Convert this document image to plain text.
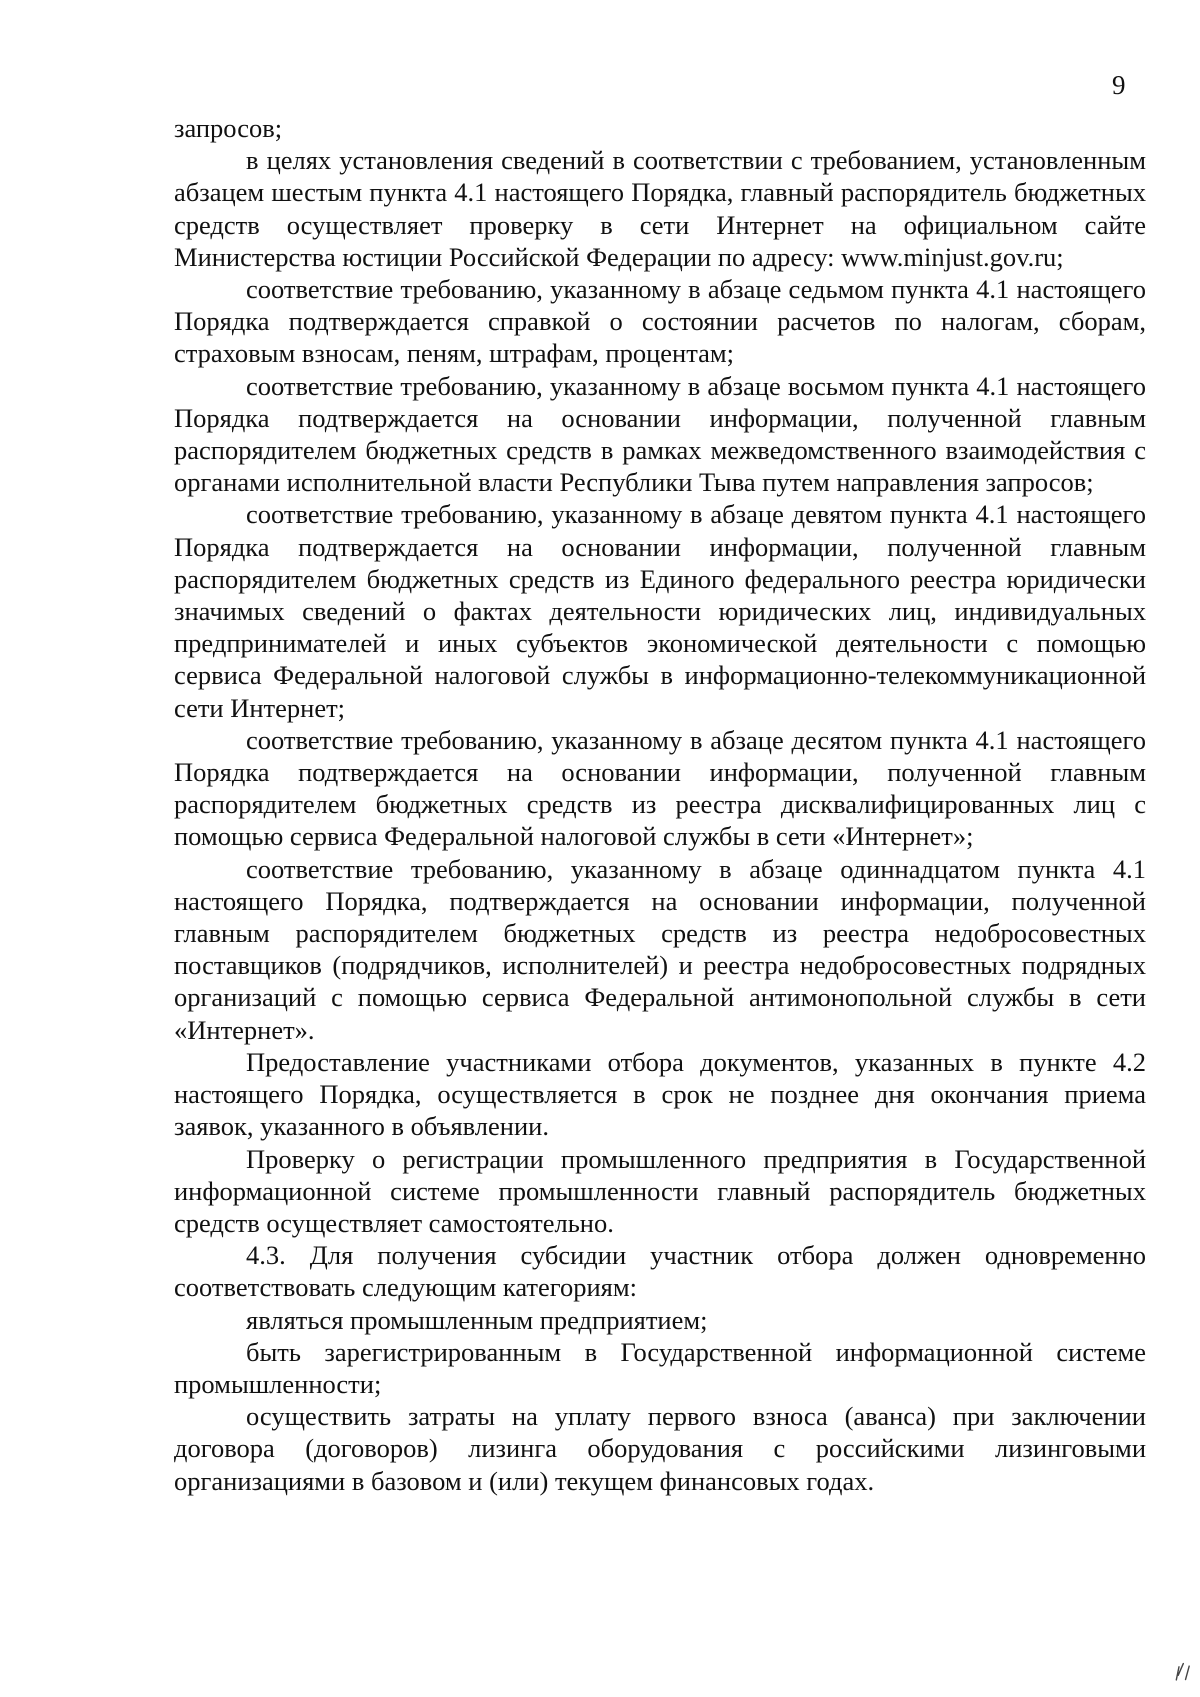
9

запросов;

в целях установления сведений в соответствии с требованием, установленным абзацем шестым пункта 4.1 настоящего Порядка, главный распорядитель бюджетных средств осуществляет проверку в сети Интернет на официальном сайте Министерства юстиции Российской Федерации по адресу: www.minjust.gov.ru;

соответствие требованию, указанному в абзаце седьмом пункта 4.1 настоящего Порядка подтверждается справкой о состоянии расчетов по налогам, сборам, страховым взносам, пеням, штрафам, процентам;

соответствие требованию, указанному в абзаце восьмом пункта 4.1 настоящего Порядка подтверждается на основании информации, полученной главным распорядителем бюджетных средств в рамках межведомственного взаимодействия с органами исполнительной власти Республики Тыва путем направления запросов;

соответствие требованию, указанному в абзаце девятом пункта 4.1 настоящего Порядка подтверждается на основании информации, полученной главным распорядителем бюджетных средств из Единого федерального реестра юридически значимых сведений о фактах деятельности юридических лиц, индивидуальных предпринимателей и иных субъектов экономической деятельности с помощью сервиса Федеральной налоговой службы в информационно-телекоммуникационной сети Интернет;

соответствие требованию, указанному в абзаце десятом пункта 4.1 настоящего Порядка подтверждается на основании информации, полученной главным распорядителем бюджетных средств из реестра дисквалифицированных лиц с помощью сервиса Федеральной налоговой службы в сети «Интернет»;

соответствие требованию, указанному в абзаце одиннадцатом пункта 4.1 настоящего Порядка, подтверждается на основании информации, полученной главным распорядителем бюджетных средств из реестра недобросовестных поставщиков (подрядчиков, исполнителей) и реестра недобросовестных подрядных организаций с помощью сервиса Федеральной антимонопольной службы в сети «Интернет».

Предоставление участниками отбора документов, указанных в пункте 4.2 настоящего Порядка, осуществляется в срок не позднее дня окончания приема заявок, указанного в объявлении.

Проверку о регистрации промышленного предприятия в Государственной информационной системе промышленности главный распорядитель бюджетных средств осуществляет самостоятельно.

4.3. Для получения субсидии участник отбора должен одновременно соответствовать следующим категориям:

являться промышленным предприятием;

быть зарегистрированным в Государственной информационной системе промышленности;

осуществить затраты на уплату первого взноса (аванса) при заключении договора (договоров) лизинга оборудования с российскими лизинговыми организациями в базовом и (или) текущем финансовых годах.
